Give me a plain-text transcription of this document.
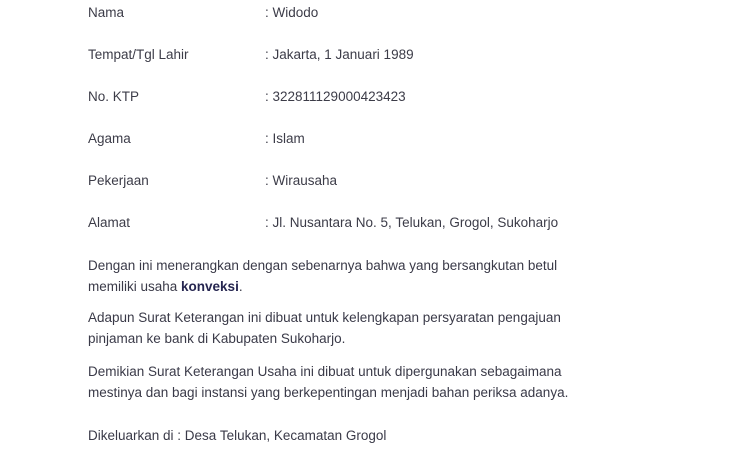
Nama	: Widodo
Tempat/Tgl Lahir	: Jakarta, 1 Januari 1989
No. KTP	: 322811129000423423
Agama	: Islam
Pekerjaan	: Wirausaha
Alamat	: Jl. Nusantara No. 5, Telukan, Grogol, Sukoharjo
Dengan ini menerangkan dengan sebenarnya bahwa yang bersangkutan betul
memiliki usaha konveksi.
Adapun Surat Keterangan ini dibuat untuk kelengkapan persyaratan pengajuan
pinjaman ke bank di Kabupaten Sukoharjo.
Demikian Surat Keterangan Usaha ini dibuat untuk dipergunakan sebagaimana
mestinya dan bagi instansi yang berkepentingan menjadi bahan periksa adanya.
Dikeluarkan di : Desa Telukan, Kecamatan Grogol
